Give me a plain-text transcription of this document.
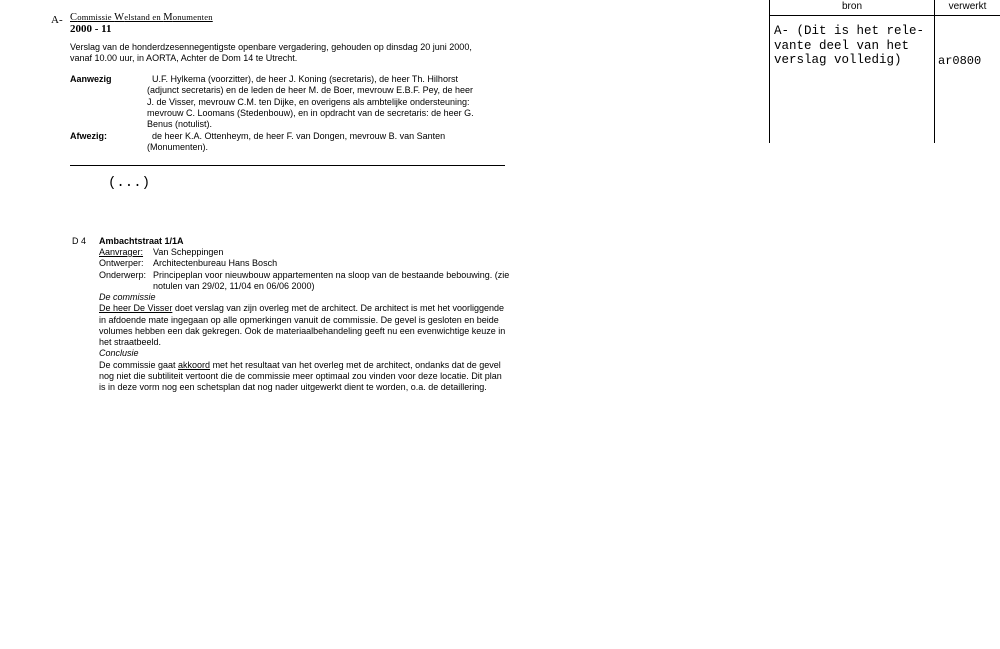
A- Commissie Welstand en Monumenten
2000 - 11
Verslag van de honderdzesennegentigste openbare vergadering, gehouden op dinsdag 20 juni 2000,
vanaf 10.00 uur, in AORTA, Achter de Dom 14 te Utrecht.
Aanwezig	U.F. Hylkema (voorzitter), de heer J. Koning (secretaris), de heer Th. Hilhorst
(adjunct secretaris) en de leden de heer M. de Boer, mevrouw E.B.F. Pey, de heer
J. de Visser, mevrouw C.M. ten Dijke, en overigens als ambtelijke ondersteuning:
mevrouw C. Loomans (Stedenbouw), en in opdracht van de secretaris: de heer G.
Benus (notulist).
Afwezig:	de heer K.A. Ottenheym, de heer F. van Dongen, mevrouw B. van Santen
(Monumenten).
(...)
D 4 Ambachtstraat 1/1A
Aanvrager: Van Scheppingen
Ontwerper: Architectenbureau Hans Bosch
Onderwerp: Principeplan voor nieuwbouw appartementen na sloop van de bestaande bebouwing. (zie
notulen van 29/02, 11/04 en 06/06 2000)
De commissie
De heer De Visser doet verslag van zijn overleg met de architect. De architect is met het voorliggende
in afdoende mate ingegaan op alle opmerkingen vanuit de commissie. De gevel is gesloten en beide
volumes hebben een dak gekregen. Ook de materiaalbehandeling geeft nu een evenwichtige keuze in
het straatbeeld.
Conclusie
De commissie gaat akkoord met het resultaat van het overleg met de architect, ondanks dat de gevel
nog niet die subtiliteit vertoont die de commissie meer optimaal zou vinden voor deze locatie. Dit plan
is in deze vorm nog een schetsplan dat nog nader uitgewerkt dient te worden, o.a. de detaillering.
bron	verwerkt
A- (Dit is het rele-
vante deel van het
verslag volledig)	ar0800
